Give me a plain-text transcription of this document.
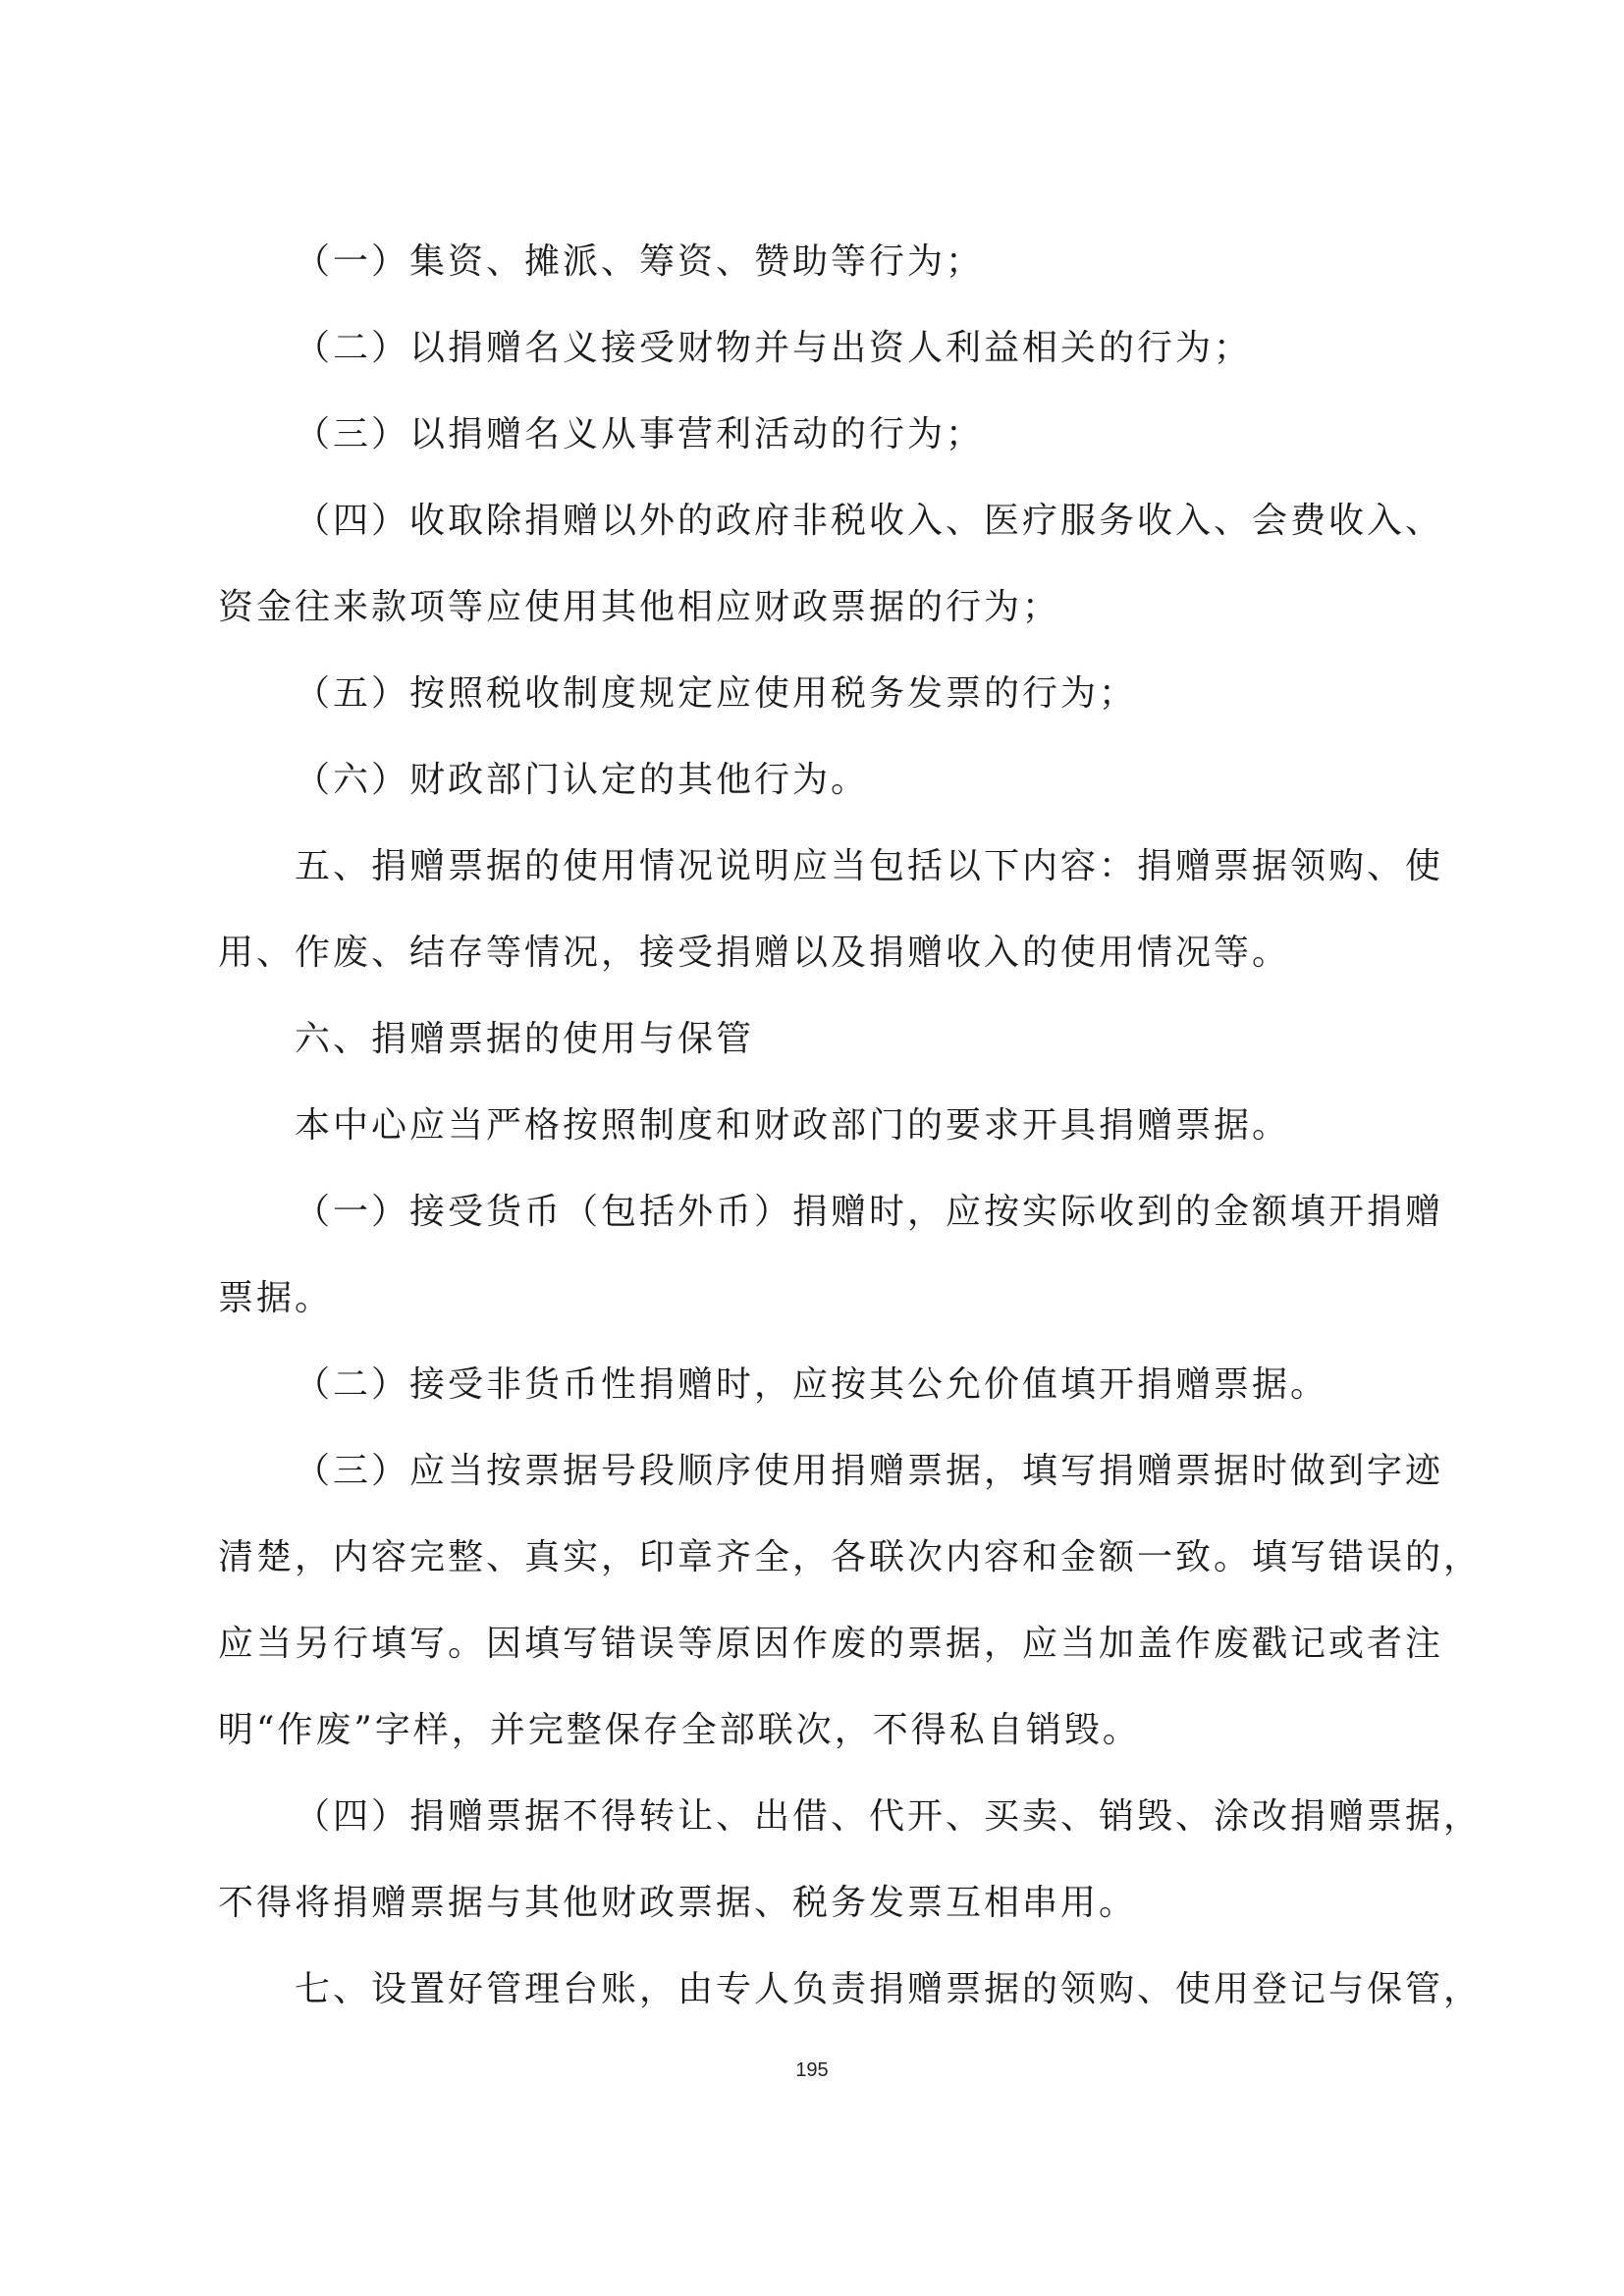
（一）集资、摊派、筹资、赞助等行为；
（二）以捐赠名义接受财物并与出资人利益相关的行为；
（三）以捐赠名义从事营利活动的行为；
（四）收取除捐赠以外的政府非税收入、医疗服务收入、会费收入、
资金往来款项等应使用其他相应财政票据的行为；
（五）按照税收制度规定应使用税务发票的行为；
（六）财政部门认定的其他行为。
五、捐赠票据的使用情况说明应当包括以下内容：捐赠票据领购、使
用、作废、结存等情况，接受捐赠以及捐赠收入的使用情况等。
六、捐赠票据的使用与保管
本中心应当严格按照制度和财政部门的要求开具捐赠票据。
（一）接受货币（包括外币）捐赠时，应按实际收到的金额填开捐赠
票据。
（二）接受非货币性捐赠时，应按其公允价值填开捐赠票据。
（三）应当按票据号段顺序使用捐赠票据，填写捐赠票据时做到字迹
清楚，内容完整、真实，印章齐全，各联次内容和金额一致。填写错误的，
应当另行填写。因填写错误等原因作废的票据，应当加盖作废戳记或者注
明“作废”字样，并完整保存全部联次，不得私自销毁。
（四）捐赠票据不得转让、出借、代开、买卖、销毁、涂改捐赠票据，
不得将捐赠票据与其他财政票据、税务发票互相串用。
七、设置好管理台账，由专人负责捐赠票据的领购、使用登记与保管，
195
